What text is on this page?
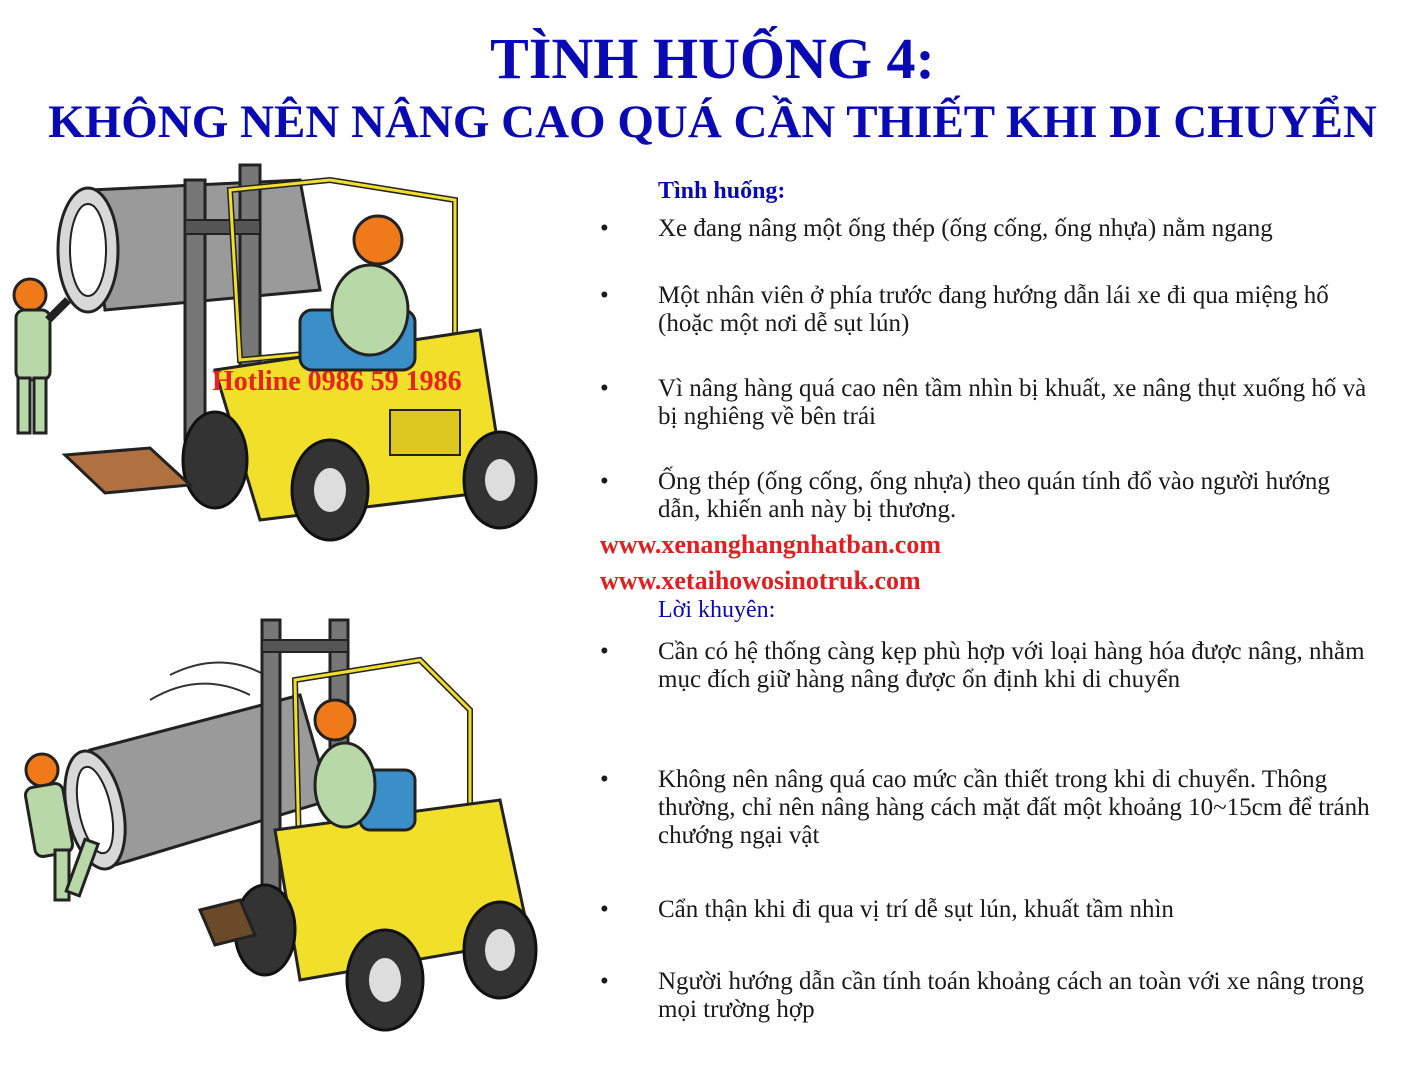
TÌNH HUỐNG 4:
KHÔNG NÊN NÂNG CAO QUÁ CẦN THIẾT KHI DI CHUYỂN
Hotline 0986 59 1986
Tình huống:
•	Xe đang nâng một ống thép (ống cống, ống nhựa) nằm ngang
•	Một nhân viên ở phía trước đang hướng dẫn lái xe đi qua miệng hố (hoặc một nơi dễ sụt lún)
•	Vì nâng hàng quá cao nên tầm nhìn bị khuất, xe nâng thụt xuống hố và bị nghiêng về bên trái
•	Ống thép (ống cống, ống nhựa) theo quán tính đổ vào người hướng dẫn, khiến anh này bị thương.
www.xenanghangnhatban.com
www.xetaihowosinotruk.com
Lời khuyên:
•	Cần có hệ thống càng kẹp phù hợp với loại hàng hóa được nâng, nhằm mục đích giữ hàng nâng được ổn định khi di chuyển
•	Không nên nâng quá cao mức cần thiết trong khi di chuyển. Thông thường, chỉ nên nâng hàng cách mặt đất một khoảng 10~15cm để tránh chướng ngại vật
•	Cẩn thận khi đi qua vị trí dễ sụt lún, khuất tầm nhìn
•	Người hướng dẫn cần tính toán khoảng cách an toàn với xe nâng trong mọi trường hợp
